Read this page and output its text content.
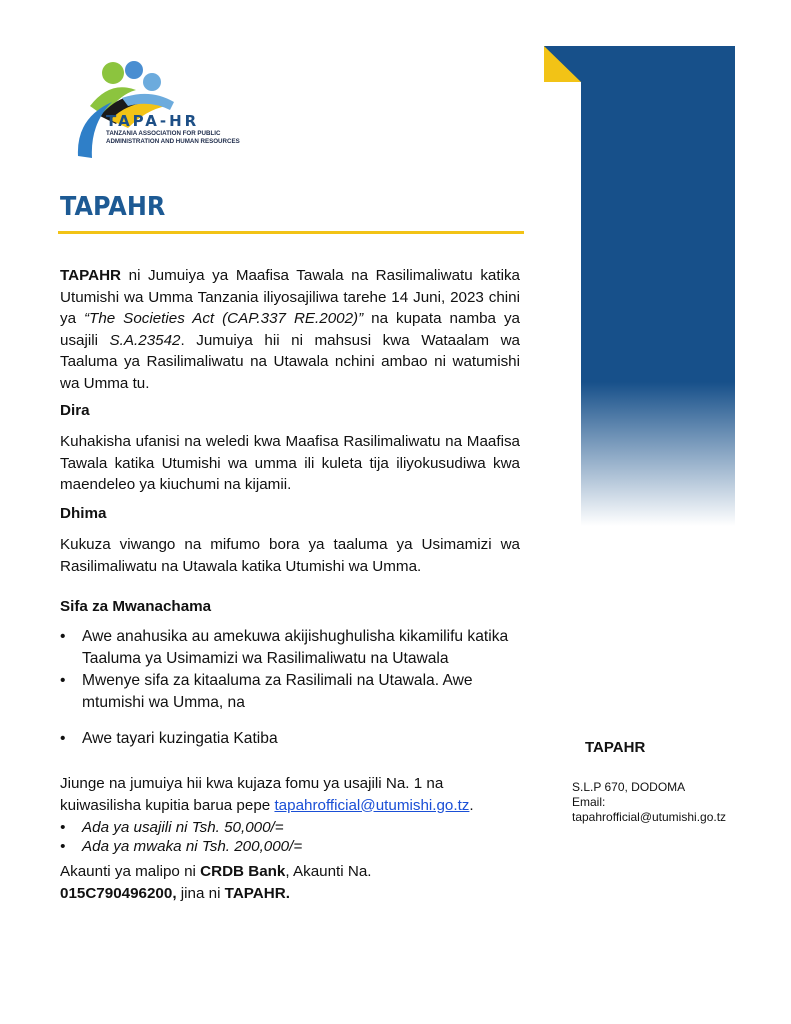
TAPA-HR
TANZANIA ASSOCIATION FOR PUBLIC
ADMINISTRATION AND HUMAN RESOURCES
TAPAHR

TAPAHR ni Jumuiya ya Maafisa Tawala na Rasilimaliwatu katika Utumishi wa Umma Tanzania iliyosajiliwa tarehe 14 Juni, 2023 chini ya “The Societies Act (CAP.337 RE.2002)” na kupata namba ya usajili S.A.23542. Jumuiya hii ni mahsusi kwa Wataalam wa Taaluma ya Rasilimaliwatu na Utawala nchini ambao ni watumishi wa Umma tu.

Dira

Kuhakisha ufanisi na weledi kwa Maafisa Rasilimaliwatu na Maafisa Tawala katika Utumishi wa umma ili kuleta tija iliyokusudiwa kwa maendeleo ya kiuchumi na kijamii.

Dhima

Kukuza viwango na mifumo bora ya taaluma ya Usimamizi wa Rasilimaliwatu na Utawala katika Utumishi wa Umma.

Sifa za Mwanachama
• Awe anahusika au amekuwa akijishughulisha kikamilifu katika Taaluma ya Usimamizi wa Rasilimaliwatu na Utawala
• Mwenye sifa za kitaaluma za Rasilimali na Utawala. Awe mtumishi wa Umma, na
• Awe tayari kuzingatia Katiba

Jiunge na jumuiya hii kwa kujaza fomu ya usajili Na. 1 na kuiwasilisha kupitia barua pepe tapahrofficial@utumishi.go.tz.

• Ada ya usajili ni Tsh. 50,000/=
• Ada ya mwaka ni Tsh. 200,000/=

Akaunti ya malipo ni CRDB Bank, Akaunti Na.
015C790496200, jina ni TAPAHR.

TAPAHR
S.L.P 670, DODOMA
Email:
tapahrofficial@utumishi.go.tz
